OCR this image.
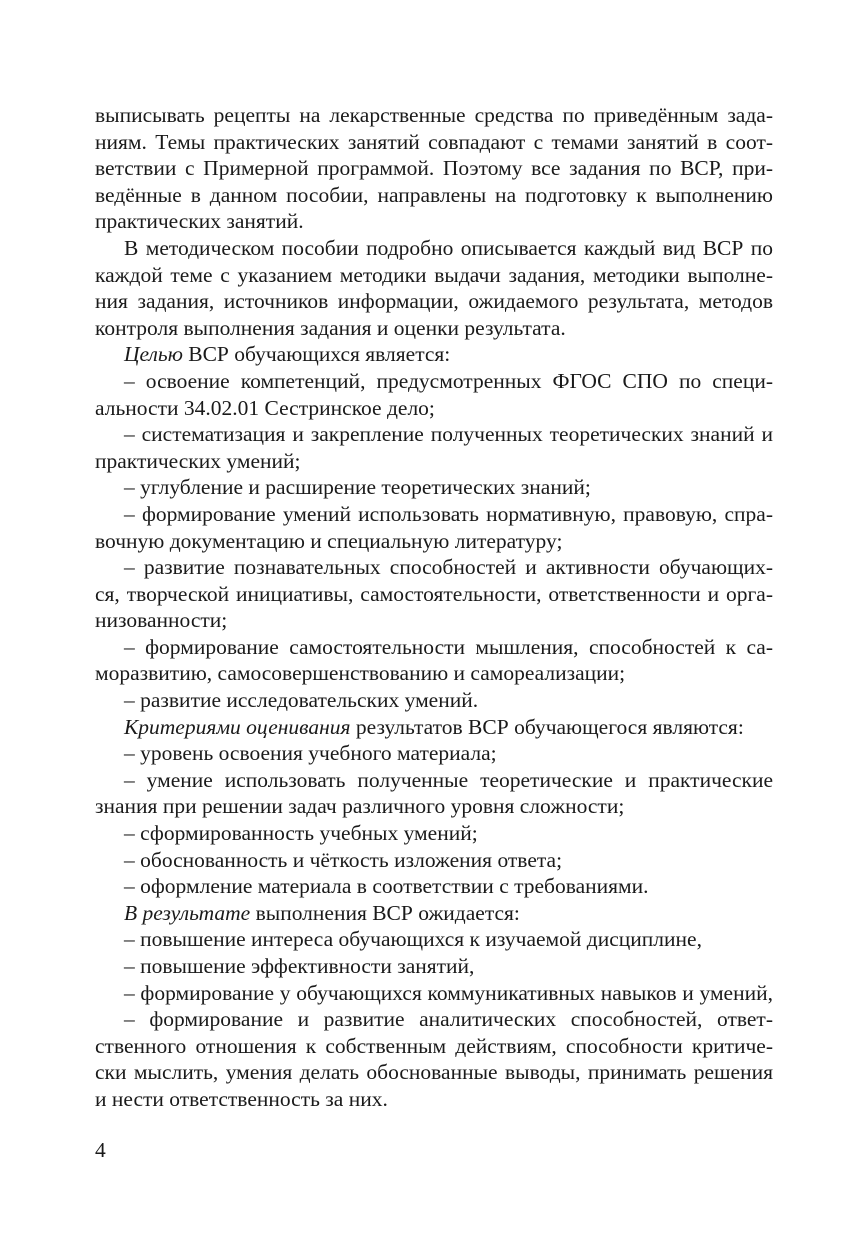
выписывать рецепты на лекарственные средства по приведённым зада-
ниям. Темы практических занятий совпадают с темами занятий в соот-
ветствии с Примерной программой. Поэтому все задания по ВСР, при-
ведённые в данном пособии, направлены на подготовку к выполнению
практических занятий.
В методическом пособии подробно описывается каждый вид ВСР по
каждой теме с указанием методики выдачи задания, методики выполне-
ния задания, источников информации, ожидаемого результата, методов
контроля выполнения задания и оценки результата.
Целью ВСР обучающихся является:
– освоение компетенций, предусмотренных ФГОС СПО по специ-
альности 34.02.01 Сестринское дело;
– систематизация и закрепление полученных теоретических знаний и
практических умений;
– углубление и расширение теоретических знаний;
– формирование умений использовать нормативную, правовую, спра-
вочную документацию и специальную литературу;
– развитие познавательных способностей и активности обучающих-
ся, творческой инициативы, самостоятельности, ответственности и орга-
низованности;
– формирование самостоятельности мышления, способностей к са-
моразвитию, самосовершенствованию и самореализации;
– развитие исследовательских умений.
Критериями оценивания результатов ВСР обучающегося являются:
– уровень освоения учебного материала;
– умение использовать полученные теоретические и практические
знания при решении задач различного уровня сложности;
– сформированность учебных умений;
– обоснованность и чёткость изложения ответа;
– оформление материала в соответствии с требованиями.
В результате выполнения ВСР ожидается:
– повышение интереса обучающихся к изучаемой дисциплине,
– повышение эффективности занятий,
– формирование у обучающихся коммуникативных навыков и умений,
– формирование и развитие аналитических способностей, ответ-
ственного отношения к собственным действиям, способности критиче-
ски мыслить, умения делать обоснованные выводы, принимать решения
и нести ответственность за них.
4
